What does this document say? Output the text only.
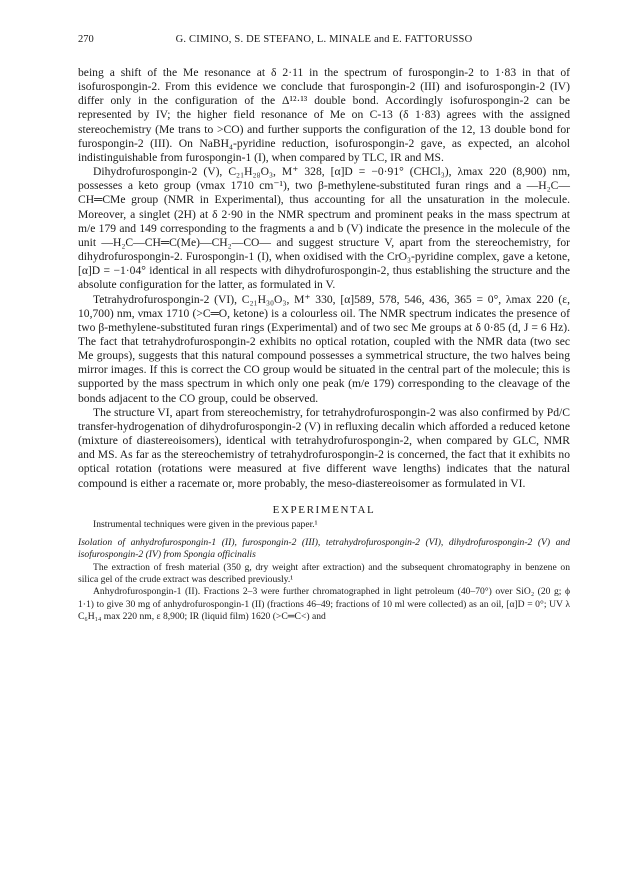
270	G. CIMINO, S. DE STEFANO, L. MINALE and E. FATTORUSSO

being a shift of the Me resonance at δ 2·11 in the spectrum of furospongin-2 to 1·83 in that of isofurospongin-2. From this evidence we conclude that furospongin-2 (III) and isofurospongin-2 (IV) differ only in the configuration of the Δ¹²·¹³ double bond. Accordingly isofurospongin-2 can be represented by IV; the higher field resonance of Me on C-13 (δ 1·83) agrees with the assigned stereochemistry (Me trans to >CO) and further supports the configuration of the 12, 13 double bond for furospongin-2 (III). On NaBH₄-pyridine reduction, isofurospongin-2 gave, as expected, an alcohol indistinguishable from furospongin-1 (I), when compared by TLC, IR and MS.

Dihydrofurospongin-2 (V), C₂₁H₂₈O₃, M⁺ 328, [α]D = −0·91° (CHCl₃), λmax 220 (8,900) nm, possesses a keto group (νmax 1710 cm⁻¹), two β-methylene-substituted furan rings and a —H₂C—CH═CMe group (NMR in Experimental), thus accounting for all the unsaturation in the molecule. Moreover, a singlet (2H) at δ 2·90 in the NMR spectrum and prominent peaks in the mass spectrum at m/e 179 and 149 corresponding to the fragments a and b (V) indicate the presence in the molecule of the unit —H₂C—CH═C(Me)—CH₂—CO— and suggest structure V, apart from the stereochemistry, for dihydrofurospongin-2. Furospongin-1 (I), when oxidised with the CrO₃-pyridine complex, gave a ketone, [α]D = −1·04° identical in all respects with dihydrofurospongin-2, thus establishing the structure and the absolute configuration for the latter, as formulated in V.

Tetrahydrofurospongin-2 (VI), C₂₁H₃₀O₃, M⁺ 330, [α]589, 578, 546, 436, 365 = 0°, λmax 220 (ε, 10,700) nm, νmax 1710 (>C═O, ketone) is a colourless oil. The NMR spectrum indicates the presence of two β-methylene-substituted furan rings (Experimental) and of two sec Me groups at δ 0·85 (d, J = 6 Hz). The fact that tetrahydrofurospongin-2 exhibits no optical rotation, coupled with the NMR data (two sec Me groups), suggests that this natural compound possesses a symmetrical structure, the two halves being mirror images. If this is correct the CO group would be situated in the central part of the molecule; this is supported by the mass spectrum in which only one peak (m/e 179) corresponding to the cleavage of the bonds adjacent to the CO group, could be observed.

The structure VI, apart from stereochemistry, for tetrahydrofurospongin-2 was also confirmed by Pd/C transfer-hydrogenation of dihydrofurospongin-2 (V) in refluxing decalin which afforded a reduced ketone (mixture of diastereoisomers), identical with tetrahydrofurospongin-2, when compared by GLC, NMR and MS. As far as the stereochemistry of tetrahydrofurospongin-2 is concerned, the fact that it exhibits no optical rotation (rotations were measured at five different wave lengths) indicates that the natural compound is either a racemate or, more probably, the meso-diastereoisomer as formulated in VI.

EXPERIMENTAL

Instrumental techniques were given in the previous paper.¹

Isolation of anhydrofurospongin-1 (II), furospongin-2 (III), tetrahydrofurospongin-2 (VI), dihydrofurospongin-2 (V) and isofurospongin-2 (IV) from Spongia officinalis

The extraction of fresh material (350 g, dry weight after extraction) and the subsequent chromatography in benzene on silica gel of the crude extract was described previously.¹

Anhydrofurospongin-1 (II). Fractions 2–3 were further chromatographed in light petroleum (40–70°) over SiO₂ (20 g; ϕ 1·1) to give 30 mg of anhydrofurospongin-1 (II) (fractions 46–49; fractions of 10 ml were collected) as an oil, [α]D = 0°; UV λ C₆H₁₄ max 220 nm, ε 8,900; IR (liquid film) 1620 (>C═C<) and
